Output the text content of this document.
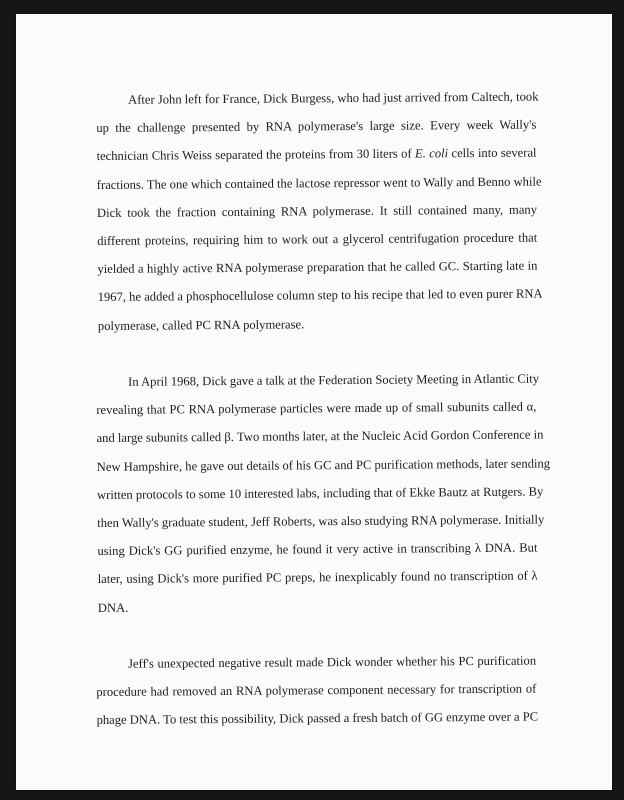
After John left for France, Dick Burgess, who had just arrived from Caltech, took
up the challenge presented by RNA polymerase's large size. Every week Wally's
technician Chris Weiss separated the proteins from 30 liters of E. coli cells into several
fractions. The one which contained the lactose repressor went to Wally and Benno while
Dick took the fraction containing RNA polymerase. It still contained many, many
different proteins, requiring him to work out a glycerol centrifugation procedure that
yielded a highly active RNA polymerase preparation that he called GC. Starting late in
1967, he added a phosphocellulose column step to his recipe that led to even purer RNA
polymerase, called PC RNA polymerase.
In April 1968, Dick gave a talk at the Federation Society Meeting in Atlantic City
revealing that PC RNA polymerase particles were made up of small subunits called α,
and large subunits called β. Two months later, at the Nucleic Acid Gordon Conference in
New Hampshire, he gave out details of his GC and PC purification methods, later sending
written protocols to some 10 interested labs, including that of Ekke Bautz at Rutgers. By
then Wally's graduate student, Jeff Roberts, was also studying RNA polymerase. Initially
using Dick's GG purified enzyme, he found it very active in transcribing λ DNA. But
later, using Dick's more purified PC preps, he inexplicably found no transcription of λ
DNA.
Jeff's unexpected negative result made Dick wonder whether his PC purification
procedure had removed an RNA polymerase component necessary for transcription of
phage DNA. To test this possibility, Dick passed a fresh batch of GG enzyme over a PC
